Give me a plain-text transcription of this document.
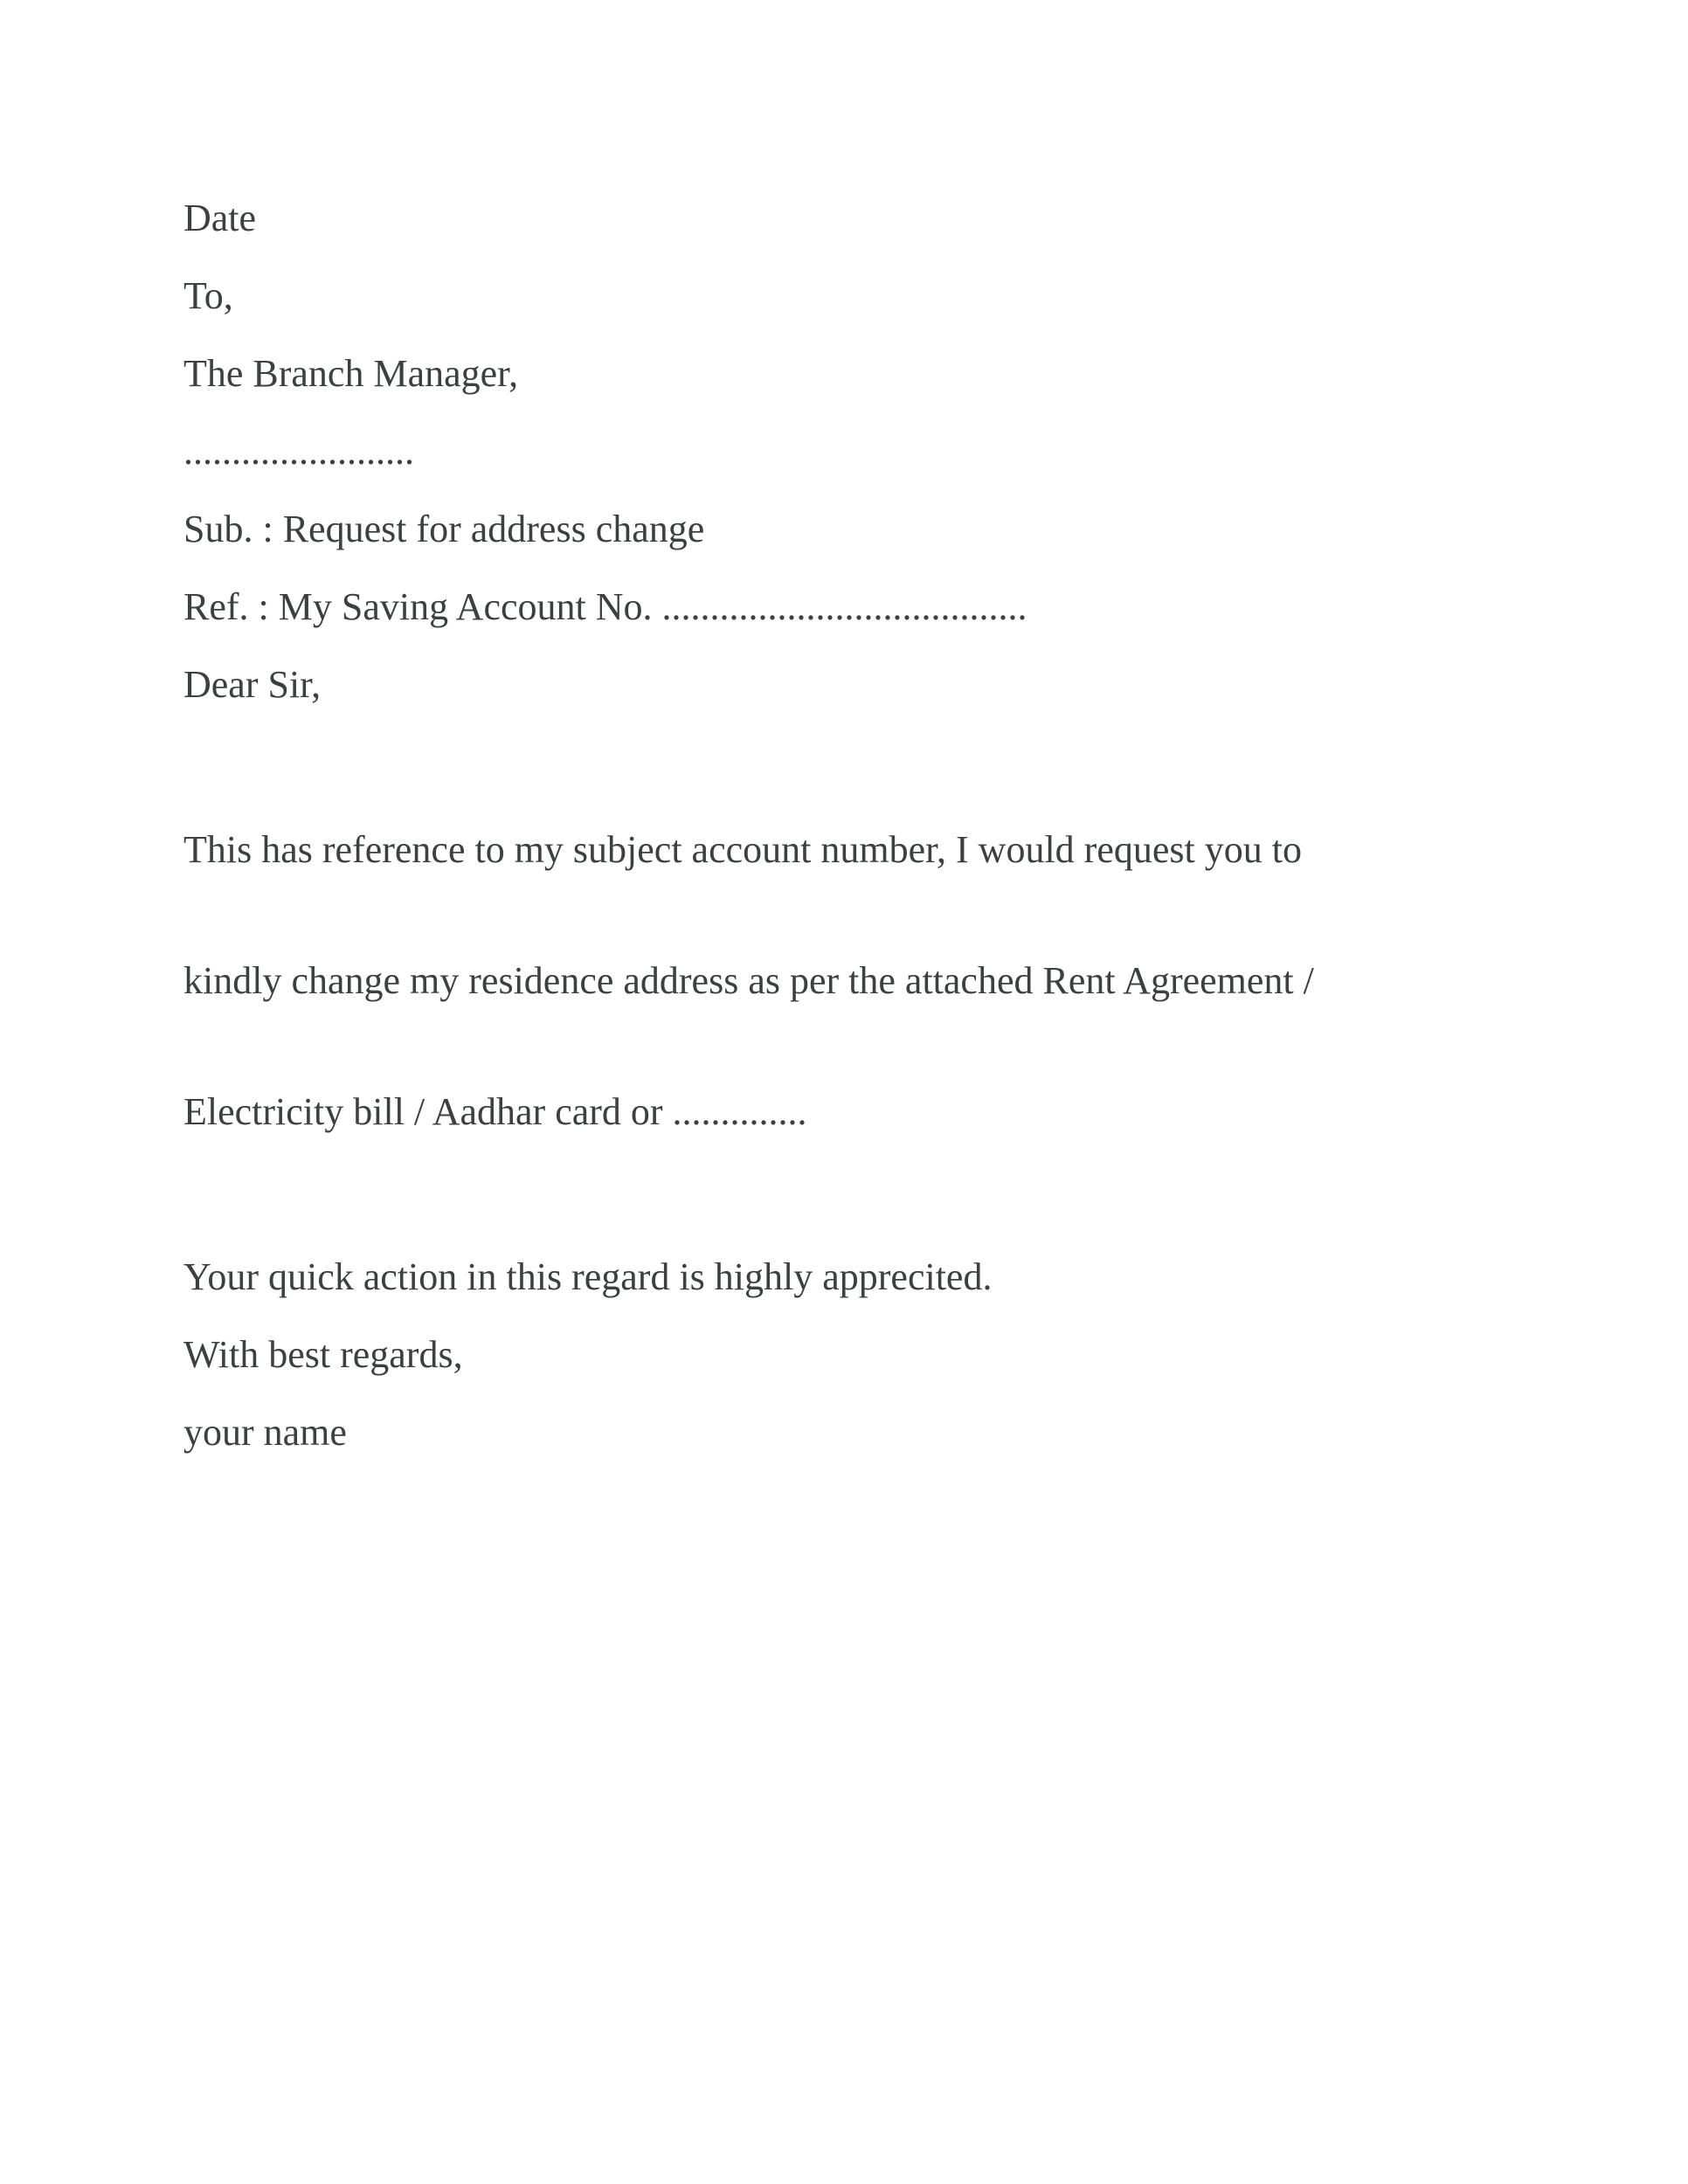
Date

To,

The Branch Manager,

........................

Sub. : Request for address change

Ref. : My Saving Account No. ......................................

Dear Sir,

This has reference to my subject account number, I would request you to

kindly change my residence address as per the attached Rent Agreement /

Electricity bill / Aadhar card or ..............

Your quick action in this regard is highly apprecited.

With best regards,

your name
